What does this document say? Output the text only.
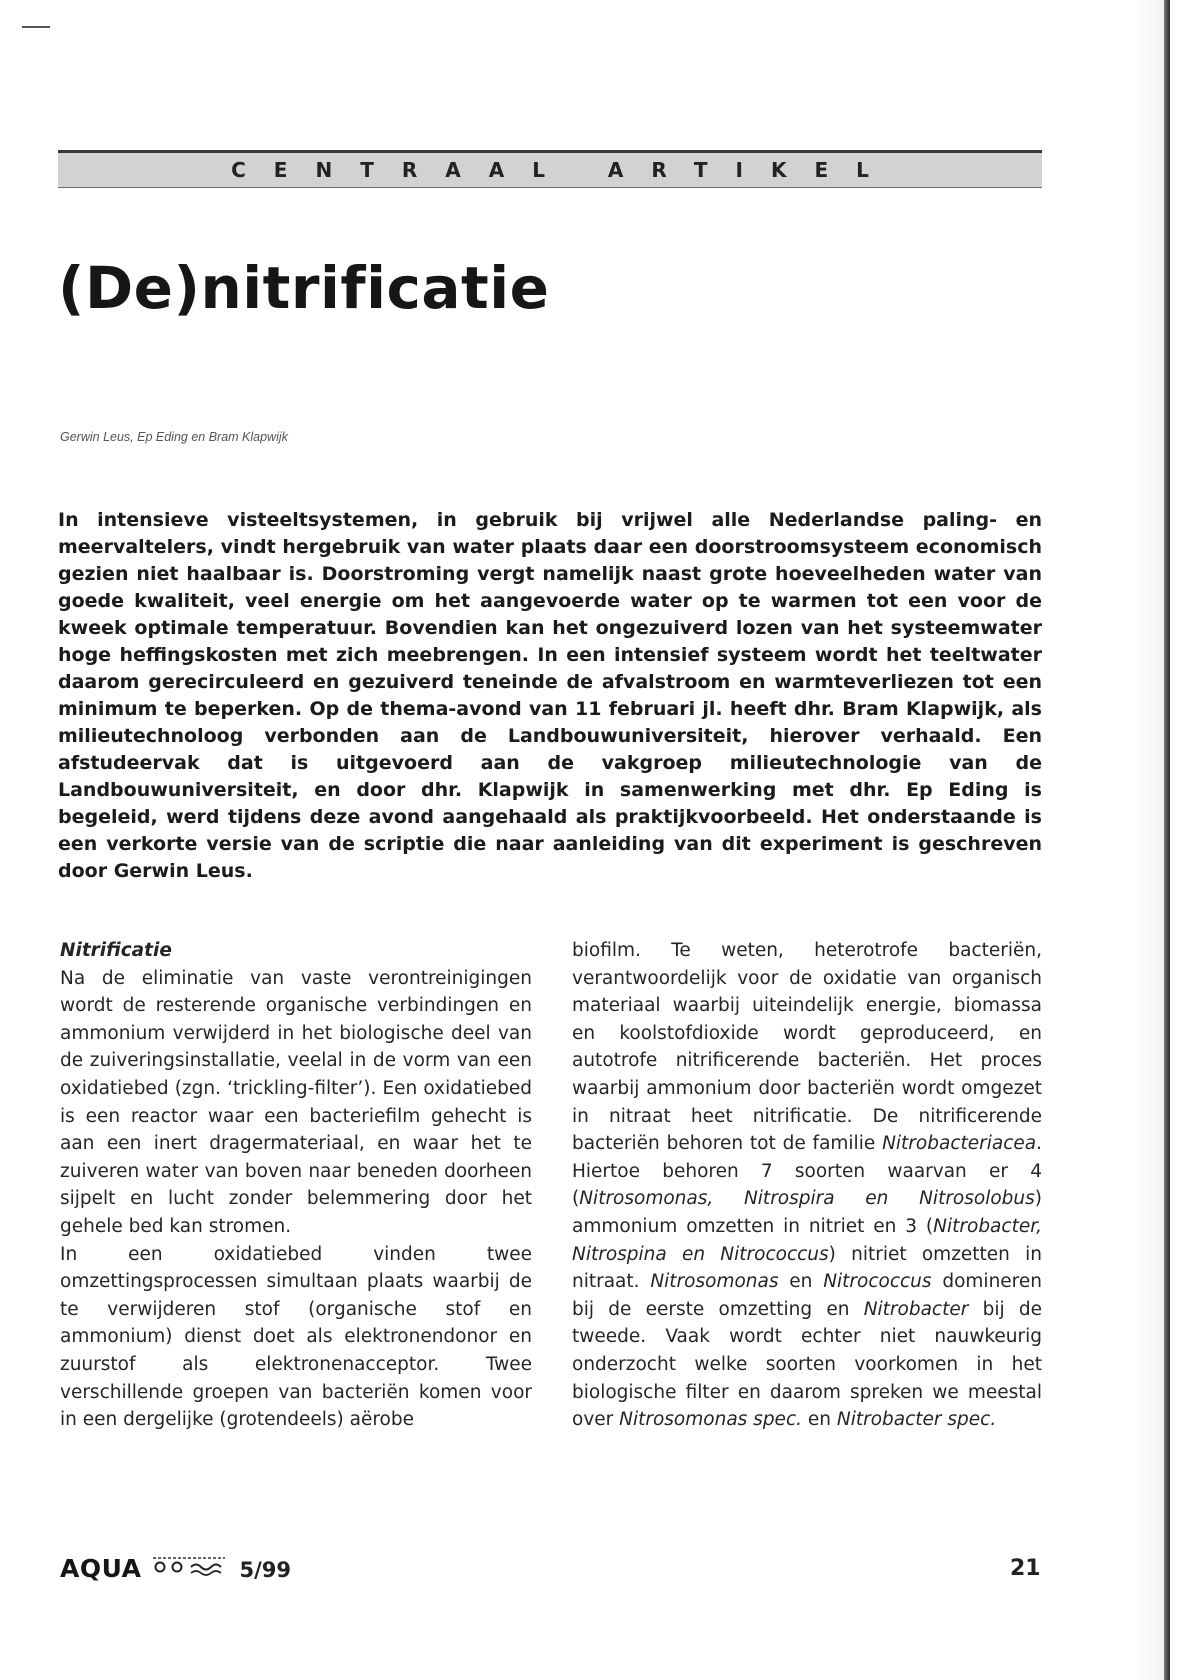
CENTRAAL ARTIKEL
(De)nitrificatie

Gerwin Leus, Ep Eding en Bram Klapwijk

In intensieve visteeltsystemen, in gebruik bij vrijwel alle Nederlandse paling- en meervaltelers, vindt hergebruik van water plaats daar een doorstroomsysteem economisch gezien niet haalbaar is. Doorstroming vergt namelijk naast grote hoeveelheden water van goede kwaliteit, veel energie om het aangevoerde water op te warmen tot een voor de kweek optimale temperatuur. Bovendien kan het ongezuiverd lozen van het systeemwater hoge heffingskosten met zich meebrengen. In een intensief systeem wordt het teeltwater daarom gerecirculeerd en gezuiverd teneinde de afvalstroom en warmteverliezen tot een minimum te beperken. Op de thema-avond van 11 februari jl. heeft dhr. Bram Klapwijk, als milieutechnoloog verbonden aan de Landbouwuniversiteit, hierover verhaald. Een afstudeervak dat is uitgevoerd aan de vakgroep milieutechnologie van de Landbouwuniversiteit, en door dhr. Klapwijk in samenwerking met dhr. Ep Eding is begeleid, werd tijdens deze avond aangehaald als praktijkvoorbeeld. Het onderstaande is een verkorte versie van de scriptie die naar aanleiding van dit experiment is geschreven door Gerwin Leus.

Nitrificatie

Na de eliminatie van vaste verontreinigingen wordt de resterende organische verbindingen en ammonium verwijderd in het biologische deel van de zuiveringsinstallatie, veelal in de vorm van een oxidatiebed (zgn. ‘trickling-filter’). Een oxidatiebed is een reactor waar een bacteriefilm gehecht is aan een inert dragermateriaal, en waar het te zuiveren water van boven naar beneden doorheen sijpelt en lucht zonder belemmering door het gehele bed kan stromen.

In een oxidatiebed vinden twee omzettingsprocessen simultaan plaats waarbij de te verwijderen stof (organische stof en ammonium) dienst doet als elektronendonor en zuurstof als elektronenacceptor. Twee verschillende groepen van bacteriën komen voor in een dergelijke (grotendeels) aërobe

biofilm. Te weten, heterotrofe bacteriën, verantwoordelijk voor de oxidatie van organisch materiaal waarbij uiteindelijk energie, biomassa en koolstofdioxide wordt geproduceerd, en autotrofe nitrificerende bacteriën. Het proces waarbij ammonium door bacteriën wordt omgezet in nitraat heet nitrificatie. De nitrificerende bacteriën behoren tot de familie Nitrobacteriacea. Hiertoe behoren 7 soorten waarvan er 4 (Nitrosomonas, Nitrospira en Nitrosolobus) ammonium omzetten in nitriet en 3 (Nitrobacter, Nitrospina en Nitrococcus) nitriet omzetten in nitraat. Nitrosomonas en Nitrococcus domineren bij de eerste omzetting en Nitrobacter bij de tweede. Vaak wordt echter niet nauwkeurig onderzocht welke soorten voorkomen in het biologische filter en daarom spreken we meestal over Nitrosomonas spec. en Nitrobacter spec.

AQUA	5/99	21
